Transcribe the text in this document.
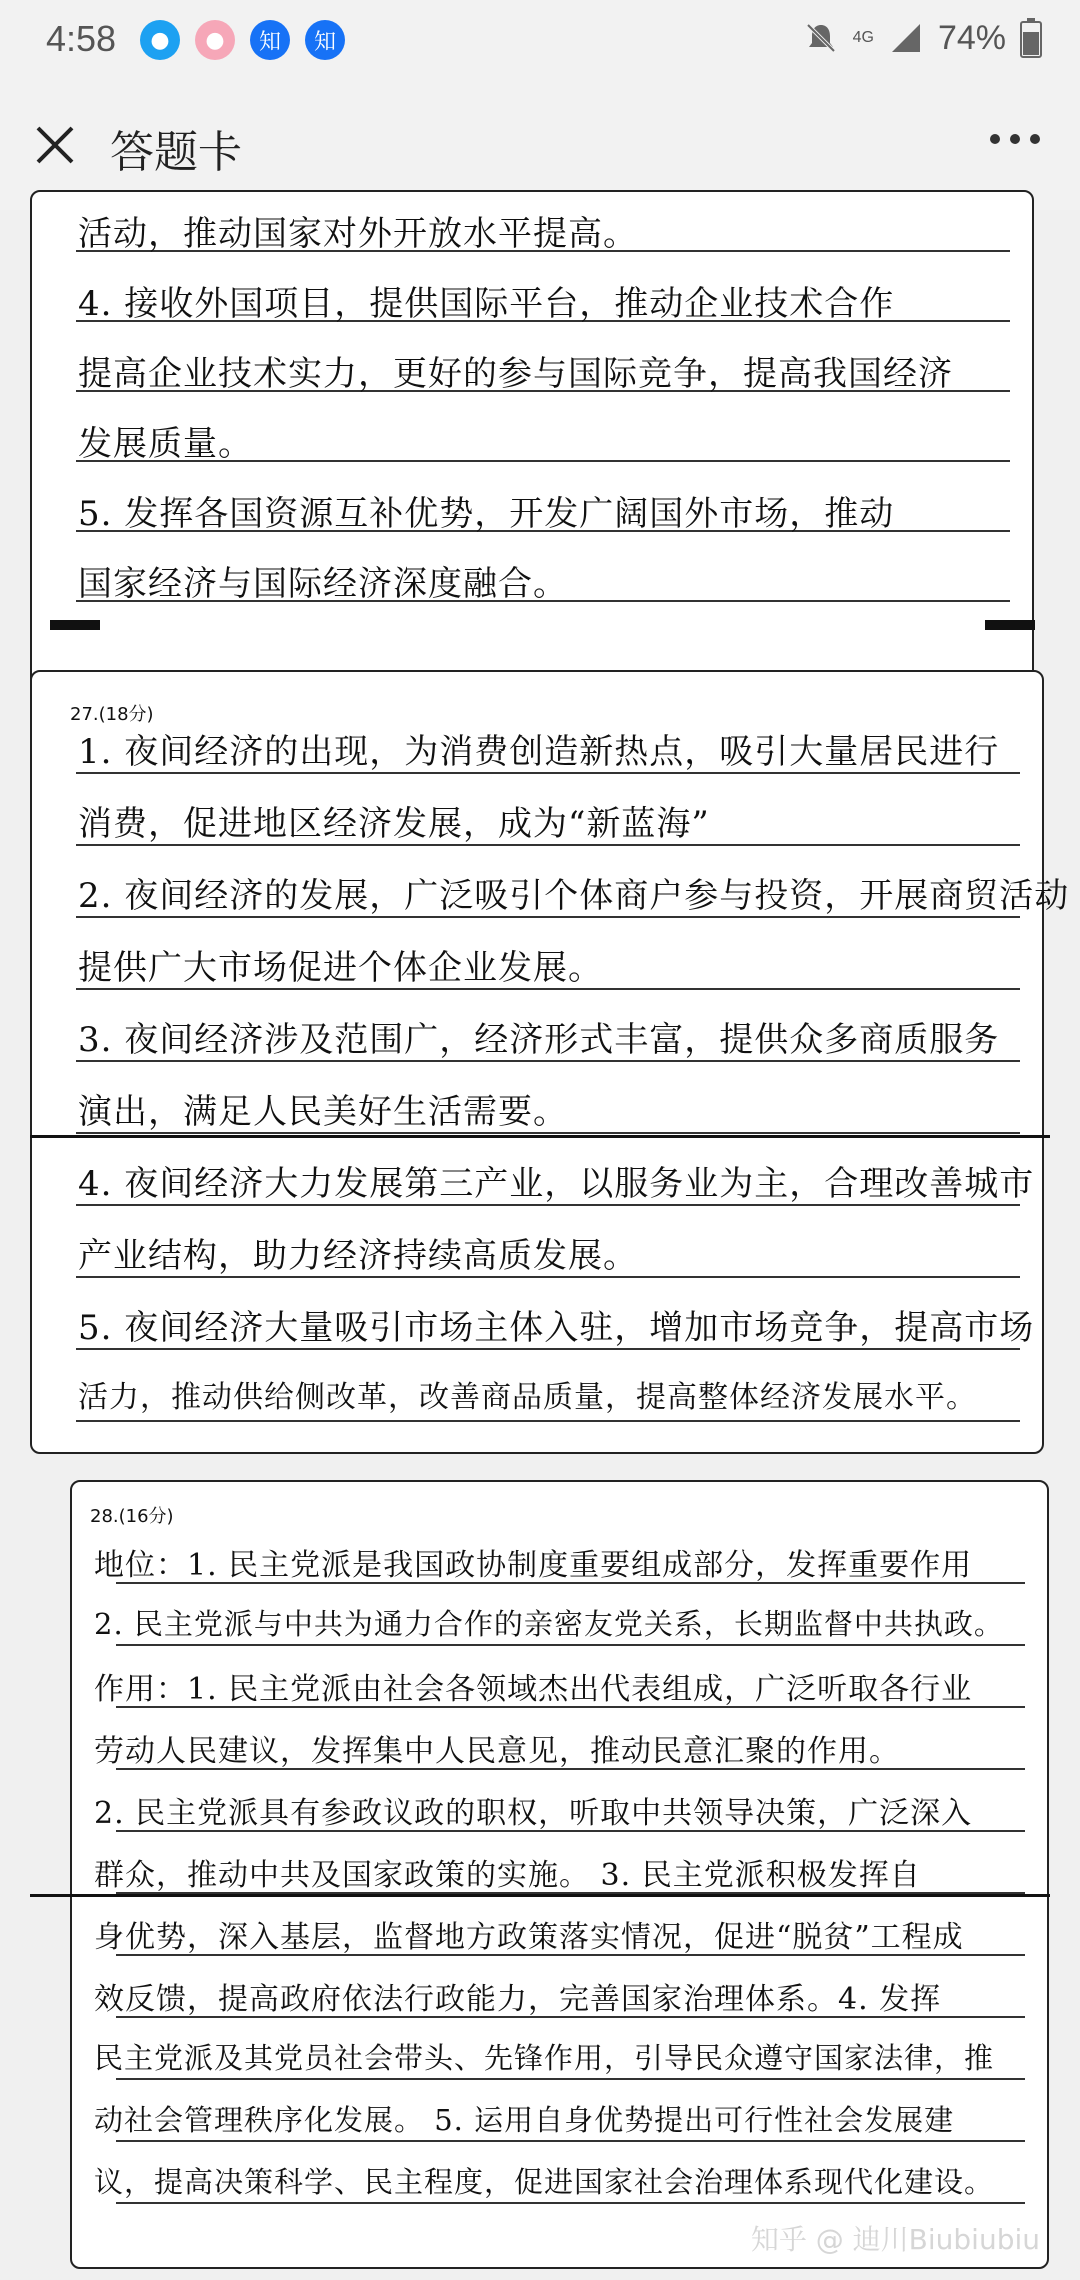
4:58	●	●	知	知	4G 74%
答题卡
活动，推动国家对外开放水平提高。
4. 接收外国项目，提供国际平台，推动企业技术合作
提高企业技术实力，更好的参与国际竞争，提高我国经济
发展质量。
5. 发挥各国资源互补优势，开发广阔国外市场，推动
国家经济与国际经济深度融合。
27.(18分)
1. 夜间经济的出现，为消费创造新热点，吸引大量居民进行
消费，促进地区经济发展，成为“新蓝海”
2. 夜间经济的发展，广泛吸引个体商户参与投资，开展商贸活动
提供广大市场促进个体企业发展。
3. 夜间经济涉及范围广，经济形式丰富，提供众多商质服务
演出，满足人民美好生活需要。
4. 夜间经济大力发展第三产业，以服务业为主，合理改善城市
产业结构，助力经济持续高质发展。
5. 夜间经济大量吸引市场主体入驻，增加市场竞争，提高市场
活力，推动供给侧改革，改善商品质量，提高整体经济发展水平。
28.(16分)
地位：1. 民主党派是我国政协制度重要组成部分，发挥重要作用
2. 民主党派与中共为通力合作的亲密友党关系，长期监督中共执政。
作用：1. 民主党派由社会各领域杰出代表组成，广泛听取各行业
劳动人民建议，发挥集中人民意见，推动民意汇聚的作用。
2. 民主党派具有参政议政的职权，听取中共领导决策，广泛深入
群众，推动中共及国家政策的实施。 3. 民主党派积极发挥自
身优势，深入基层，监督地方政策落实情况，促进“脱贫”工程成
效反馈，提高政府依法行政能力，完善国家治理体系。4. 发挥
民主党派及其党员社会带头、先锋作用，引导民众遵守国家法律，推
动社会管理秩序化发展。 5. 运用自身优势提出可行性社会发展建
议，提高决策科学、民主程度，促进国家社会治理体系现代化建设。
知乎 @ 迪川Biubiubiu
